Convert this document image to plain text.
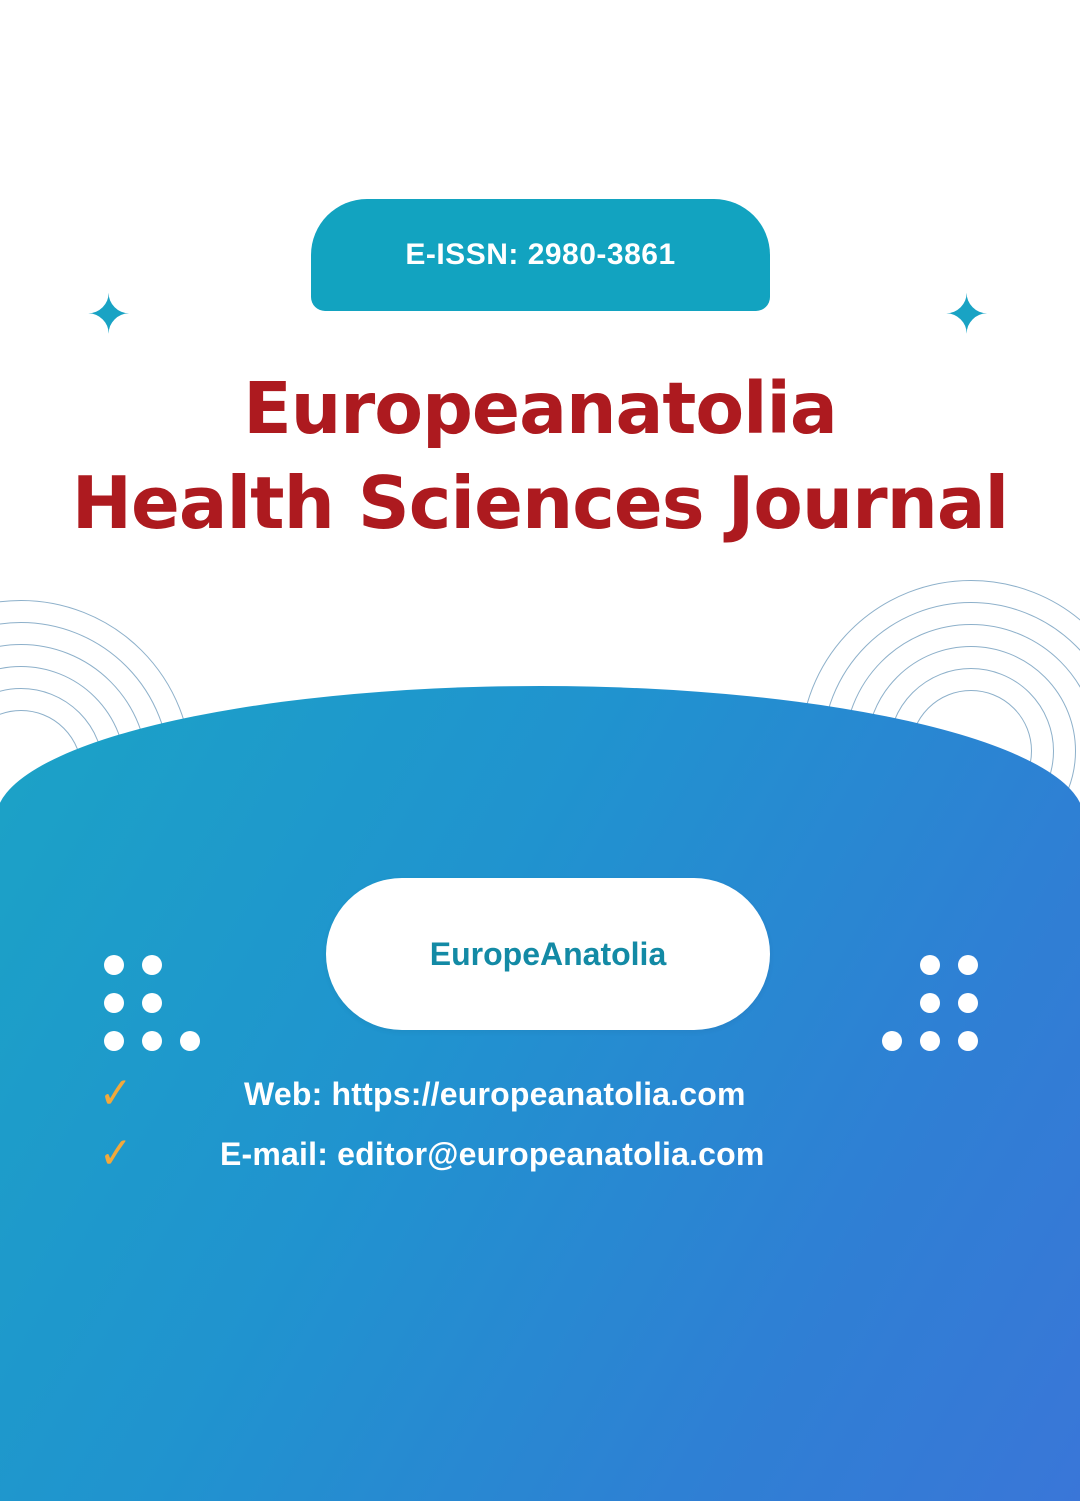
✦	✦
E-ISSN: 2980-3861
Europeanatolia
Health Sciences Journal
EuropeAnatolia
✓	Web: https://europeanatolia.com
✓	E-mail: editor@europeanatolia.com
